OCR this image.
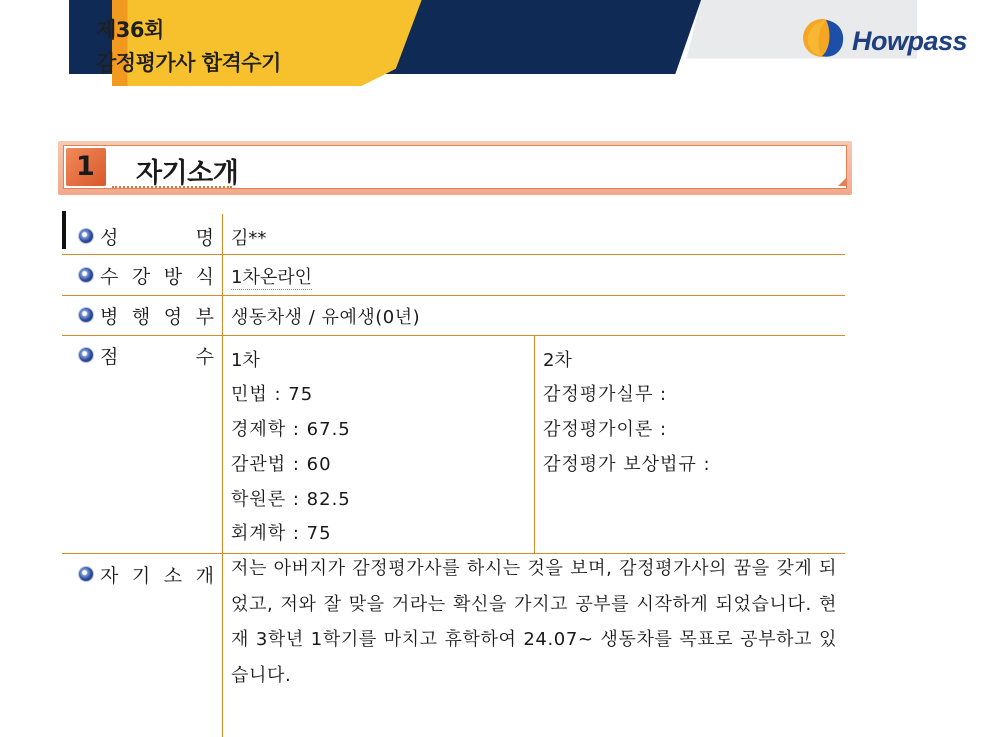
제36회
감정평가사 합격수기
Howpass
1 자기소개
성 명 김**
수 강 방 식 1차온라인
병 행 영 부 생동차생 / 유예생(0년)
점 수 1차
민법 : 75
경제학 : 67.5
감관법 : 60
학원론 : 82.5
회계학 : 75
2차
감정평가실무 :
감정평가이론 :
감정평가 보상법규 :
자 기 소 개 저는 아버지가 감정평가사를 하시는 것을 보며, 감정평가사의 꿈을 갖게 되었고, 저와 잘 맞을 거라는 확신을 가지고 공부를 시작하게 되었습니다. 현재 3학년 1학기를 마치고 휴학하여 24.07~ 생동차를 목표로 공부하고 있습니다.
